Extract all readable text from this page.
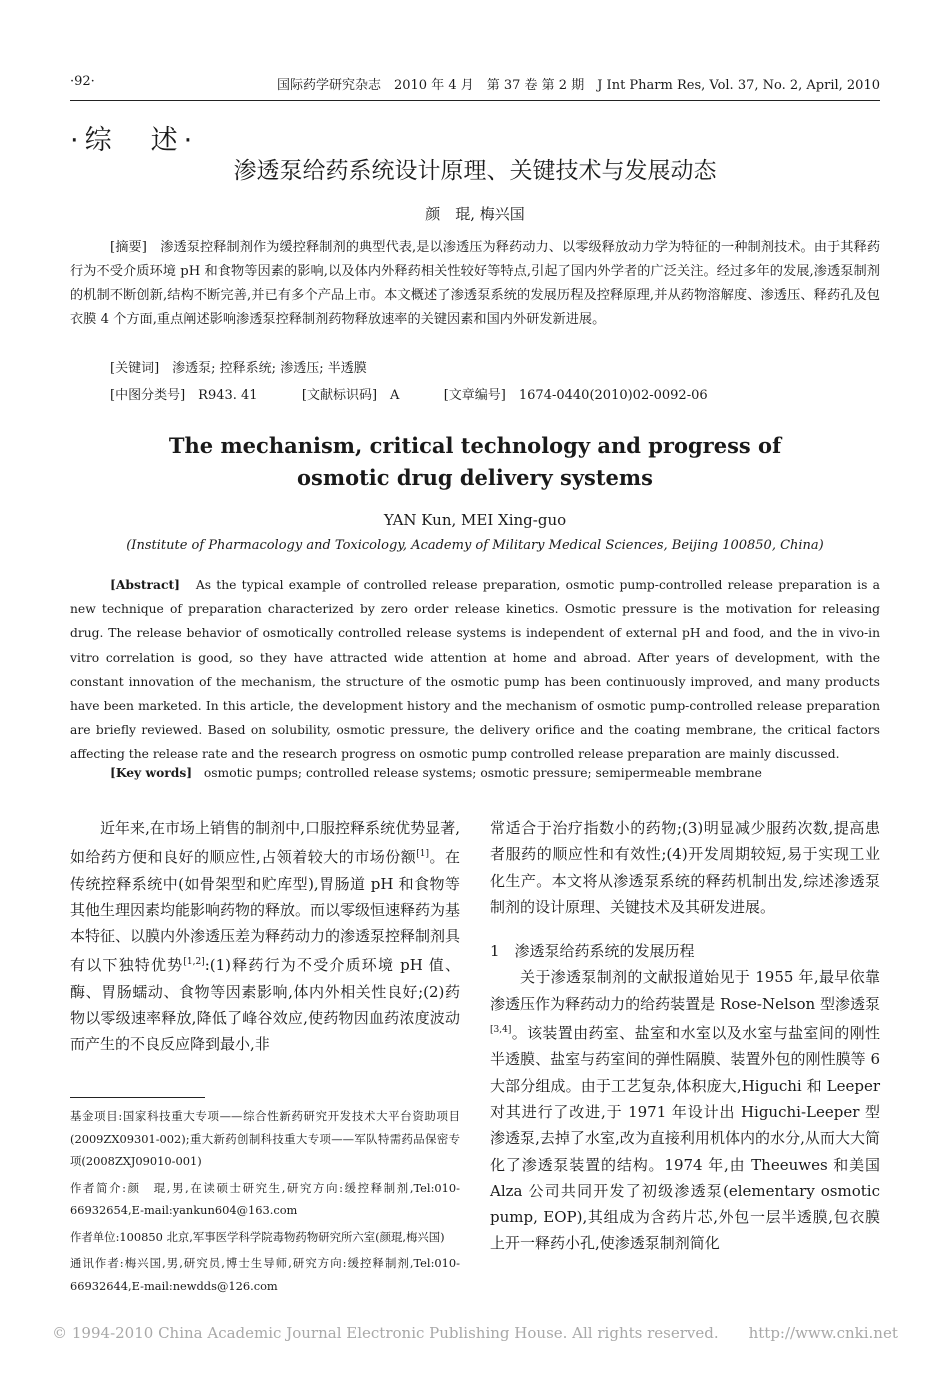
·92·	国际药学研究杂志　2010 年 4 月　第 37 卷 第 2 期　J Int Pharm Res, Vol. 37, No. 2, April, 2010
·综　述·
渗透泵给药系统设计原理、关键技术与发展动态
颜　琨, 梅兴国
[摘要]　 渗透泵控释制剂作为缓控释制剂的典型代表,是以渗透压为释药动力、以零级释放动力学为特征的一种制剂技术。由于其释药行为不受介质环境 pH 和食物等因素的影响,以及体内外释药相关性较好等特点,引起了国内外学者的广泛关注。经过多年的发展,渗透泵制剂的机制不断创新,结构不断完善,并已有多个产品上市。本文概述了渗透泵系统的发展历程及控释原理,并从药物溶解度、渗透压、释药孔及包衣膜 4 个方面,重点阐述影响渗透泵控释制剂药物释放速率的关键因素和国内外研发新进展。
[关键词]　 渗透泵; 控释系统; 渗透压; 半透膜
[中图分类号]　 R943. 41	[文献标识码]　 A	[文章编号]　 1674-0440(2010)02-0092-06
The mechanism, critical technology and progress of
osmotic drug delivery systems
YAN Kun, MEI Xing-guo
(Institute of Pharmacology and Toxicology, Academy of Military Medical Sciences, Beijing 100850, China)
[Abstract] As the typical example of controlled release preparation, osmotic pump-controlled release preparation is a new technique of preparation characterized by zero order release kinetics. Osmotic pressure is the motivation for releasing drug. The release behavior of osmotically controlled release systems is independent of external pH and food, and the in vivo-in vitro correlation is good, so they have attracted wide attention at home and abroad. After years of development, with the constant innovation of the mechanism, the structure of the osmotic pump has been continuously improved, and many products have been marketed. In this article, the development history and the mechanism of osmotic pump-controlled release preparation are briefly reviewed. Based on solubility, osmotic pressure, the delivery orifice and the coating membrane, the critical factors affecting the release rate and the research progress on osmotic pump controlled release preparation are mainly discussed.
[Key words] osmotic pumps; controlled release systems; osmotic pressure; semipermeable membrane
近年来,在市场上销售的制剂中,口服控释系统优势显著,如给药方便和良好的顺应性,占领着较大的市场份额[1]。在传统控释系统中(如骨架型和贮库型),胃肠道 pH 和食物等其他生理因素均能影响药物的释放。而以零级恒速释药为基本特征、以膜内外渗透压差为释药动力的渗透泵控释制剂具有以下独特优势[1,2]:(1)释药行为不受介质环境 pH 值、酶、胃肠蠕动、食物等因素影响,体内外相关性良好;(2)药物以零级速率释放,降低了峰谷效应,使药物因血药浓度波动而产生的不良反应降到最小,非
常适合于治疗指数小的药物;(3)明显减少服药次数,提高患者服药的顺应性和有效性;(4)开发周期较短,易于实现工业化生产。本文将从渗透泵系统的释药机制出发,综述渗透泵制剂的设计原理、关键技术及其研发进展。
1　渗透泵给药系统的发展历程
关于渗透泵制剂的文献报道始见于 1955 年,最早依靠渗透压作为释药动力的给药装置是 Rose-Nelson 型渗透泵[3,4]。该装置由药室、盐室和水室以及水室与盐室间的刚性半透膜、盐室与药室间的弹性隔膜、装置外包的刚性膜等 6 大部分组成。由于工艺复杂,体积庞大,Higuchi 和 Leeper 对其进行了改进,于 1971 年设计出 Higuchi-Leeper 型渗透泵,去掉了水室,改为直接利用机体内的水分,从而大大简化了渗透泵装置的结构。1974 年,由 Theeuwes 和美国 Alza 公司共同开发了初级渗透泵(elementary osmotic pump, EOP),其组成为含药片芯,外包一层半透膜,包衣膜上开一释药小孔,使渗透泵制剂简化

基金项目:国家科技重大专项——综合性新药研究开发技术大平台资助项目(2009ZX09301-002);重大新药创制科技重大专项——军队特需药品保密专项(2008ZXJ09010-001)

作者简介:颜　琨,男,在读硕士研究生,研究方向:缓控释制剂,Tel:010-66932654,E-mail:yankun604@163.com

作者单位:100850 北京,军事医学科学院毒物药物研究所六室(颜琨,梅兴国)

通讯作者:梅兴国,男,研究员,博士生导师,研究方向:缓控释制剂,Tel:010-66932644,E-mail:newdds@126.com

© 1994-2010 China Academic Journal Electronic Publishing House. All rights reserved.　　http://www.cnki.net
